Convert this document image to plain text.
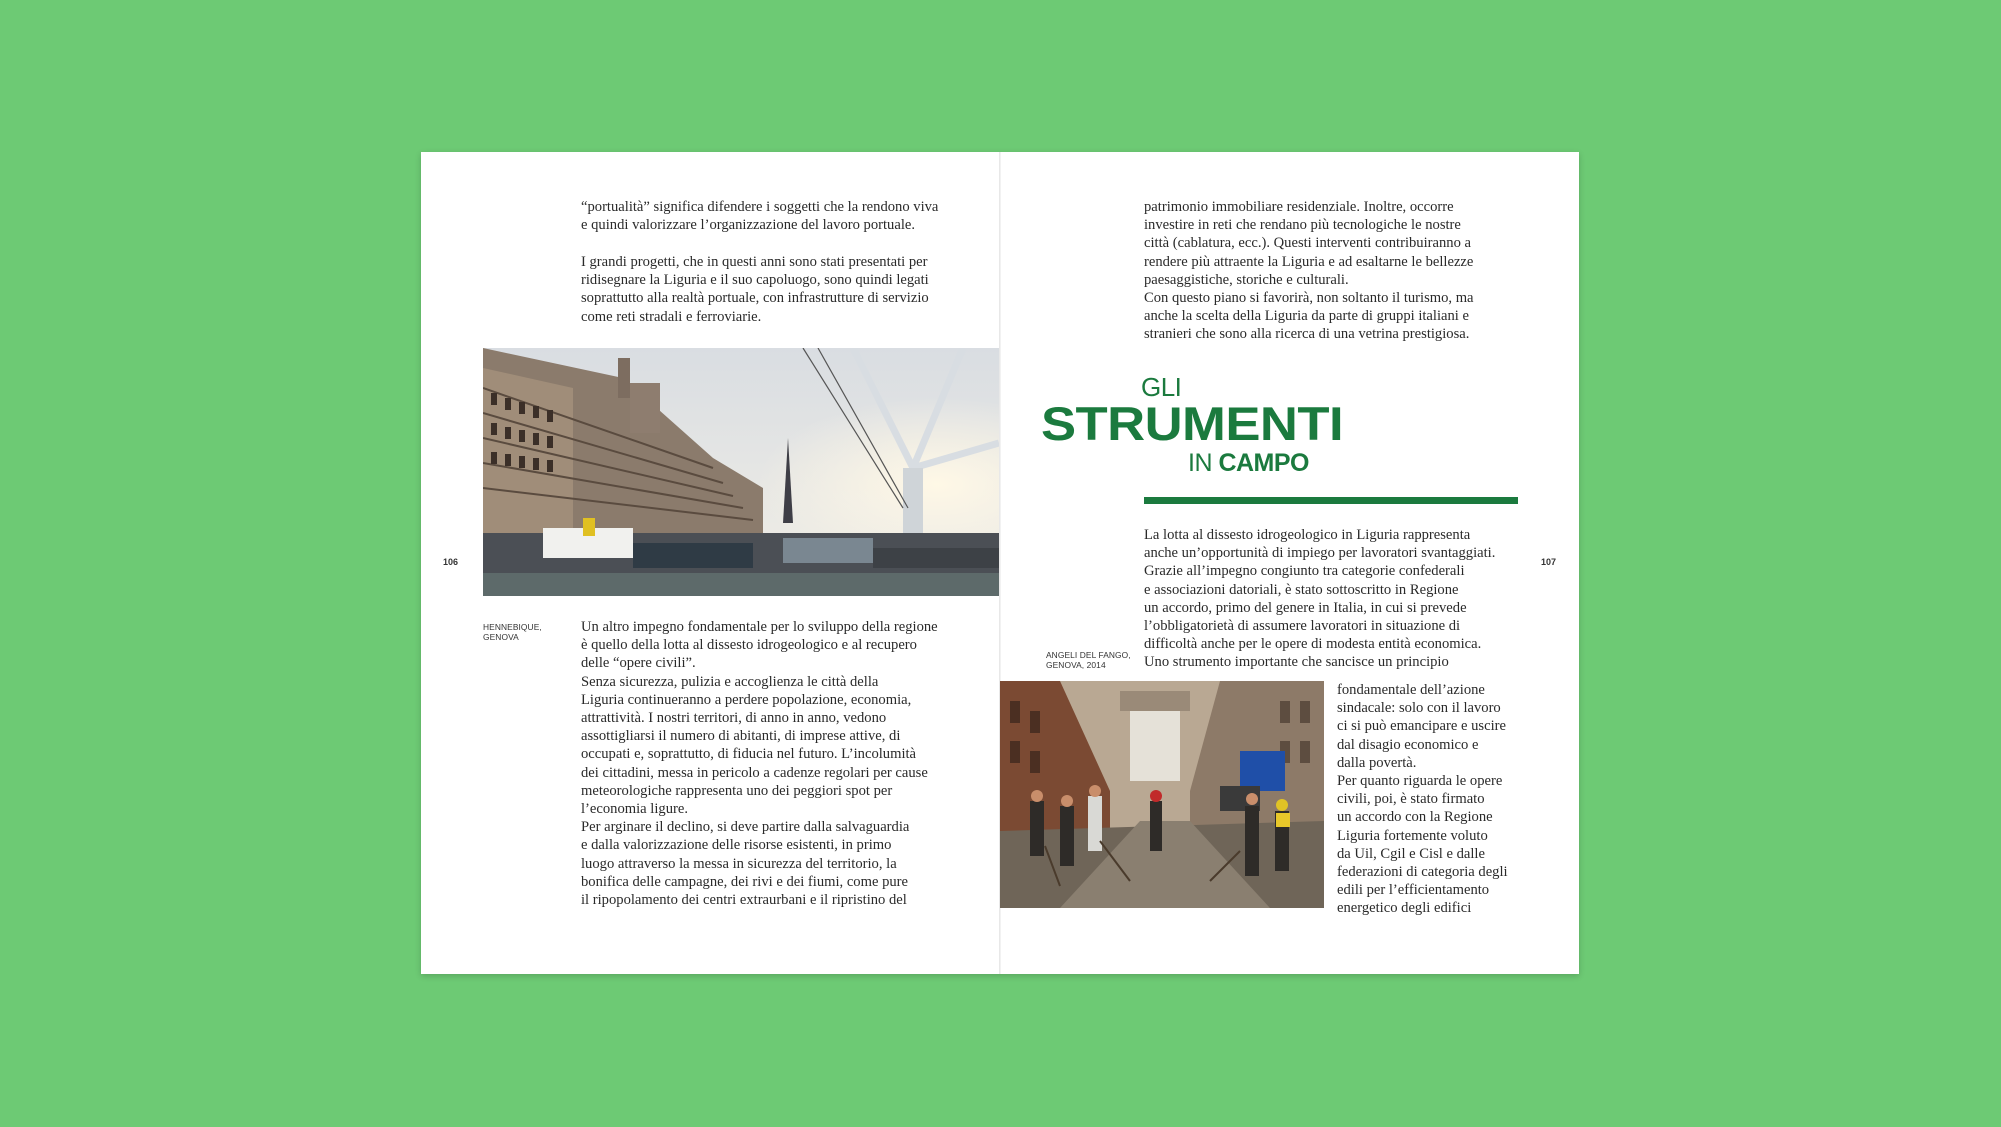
“portualità” significa difendere i soggetti che la rendono viva
e quindi valorizzare l’organizzazione del lavoro portuale.
I grandi progetti, che in questi anni sono stati presentati per
ridisegnare la Liguria e il suo capoluogo, sono quindi legati
soprattutto alla realtà portuale, con infrastrutture di servizio
come reti stradali e ferroviarie.
HENNEBIQUE,
GENOVA
106
Un altro impegno fondamentale per lo sviluppo della regione
è quello della lotta al dissesto idrogeologico e al recupero
delle “opere civili”.
Senza sicurezza, pulizia e accoglienza le città della
Liguria continueranno a perdere popolazione, economia,
attrattività. I nostri territori, di anno in anno, vedono
assottigliarsi il numero di abitanti, di imprese attive, di
occupati e, soprattutto, di fiducia nel futuro. L’incolumità
dei cittadini, messa in pericolo a cadenze regolari per cause
meteorologiche rappresenta uno dei peggiori spot per
l’economia ligure.
Per arginare il declino, si deve partire dalla salvaguardia
e dalla valorizzazione delle risorse esistenti, in primo
luogo attraverso la messa in sicurezza del territorio, la
bonifica delle campagne, dei rivi e dei fiumi, come pure
il ripopolamento dei centri extraurbani e il ripristino del
patrimonio immobiliare residenziale. Inoltre, occorre
investire in reti che rendano più tecnologiche le nostre
città (cablatura, ecc.). Questi interventi contribuiranno a
rendere più attraente la Liguria e ad esaltarne le bellezze
paesaggistiche, storiche e culturali.
Con questo piano si favorirà, non soltanto il turismo, ma
anche la scelta della Liguria da parte di gruppi italiani e
stranieri che sono alla ricerca di una vetrina prestigiosa.
GLI
STRUMENTI
IN CAMPO
La lotta al dissesto idrogeologico in Liguria rappresenta
anche un’opportunità di impiego per lavoratori svantaggiati.
Grazie all’impegno congiunto tra categorie confederali
e associazioni datoriali, è stato sottoscritto in Regione
un accordo, primo del genere in Italia, in cui si prevede
l’obbligatorietà di assumere lavoratori in situazione di
difficoltà anche per le opere di modesta entità economica.
Uno strumento importante che sancisce un principio
ANGELI DEL FANGO,
GENOVA, 2014
fondamentale dell’azione
sindacale: solo con il lavoro
ci si può emancipare e uscire
dal disagio economico e
dalla povertà.
Per quanto riguarda le opere
civili, poi, è stato firmato
un accordo con la Regione
Liguria fortemente voluto
da Uil, Cgil e Cisl e dalle
federazioni di categoria degli
edili per l’efficientamento
energetico degli edifici
107
